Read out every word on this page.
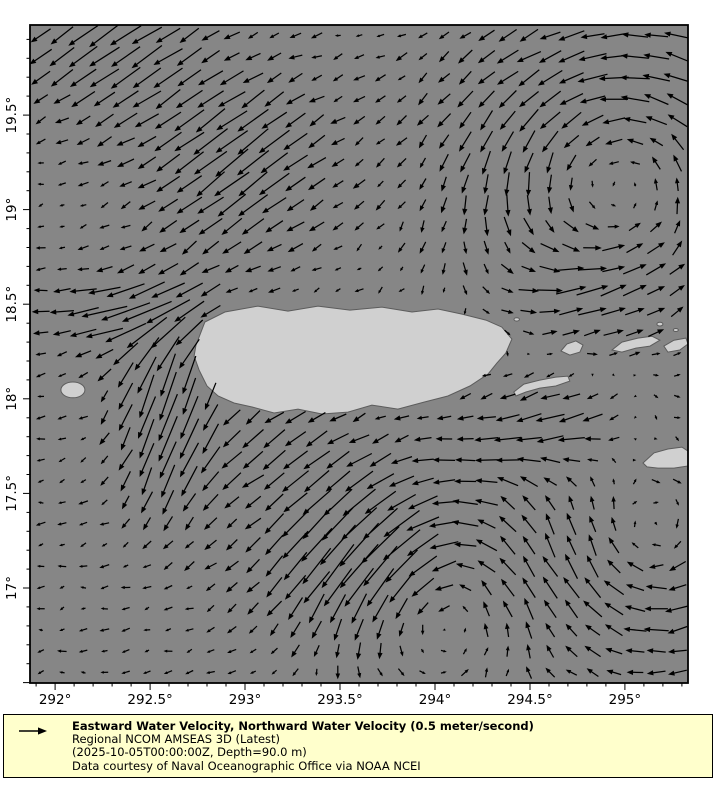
292°	292.5°	293°	293.5°	294°	294.5°	295°
17°
17.5°
18°
18.5°
19°
19.5°
Eastward Water Velocity, Northward Water Velocity (0.5 meter/second)
Regional NCOM AMSEAS 3D (Latest)
(2025-10-05T00:00:00Z, Depth=90.0 m)
Data courtesy of Naval Oceanographic Office via NOAA NCEI
